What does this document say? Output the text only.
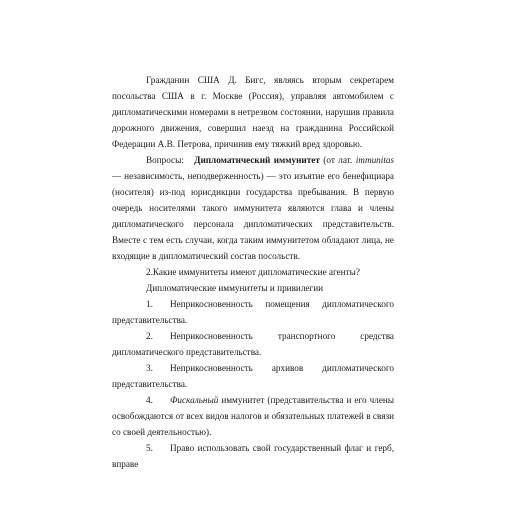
Гражданин США Д. Бигс, являясь вторым секретарем посольства США в г. Москве (Россия), управляя автомобилем с дипломатическими номерами в нетрезвом состоянии, нарушив правила дорожного движения, совершил наезд на гражданина Российской Федерации А.В. Петрова, причинив ему тяжкий вред здоровью.

Вопросы: Дипломатический иммунитет (от лат. immunitas — независимость, неподверженность) — это изъятие его бенефициара (носителя) из-под юрисдикции государства пребывания. В первую очередь носителями такого иммунитета являются глава и члены дипломатического персонала дипломатических представительств. Вместе с тем есть случаи, когда таким иммунитетом обладают лица, не входящие в дипломатический состав посольств.

2.Какие иммунитеты имеют дипломатические агенты?

Дипломатические иммунитеты и привилегии

1. Неприкосновенность помещения дипломатического представительства.

2. Неприкосновенность транспортного средства дипломатического представительства.

3. Неприкосновенность архивов дипломатического представительства.

4. Фискальный иммунитет (представительства и его члены освобождаются от всех видов налогов и обязательных платежей в связи со своей деятельностью).

5. Право использовать свой государственный флаг и герб, вправе
